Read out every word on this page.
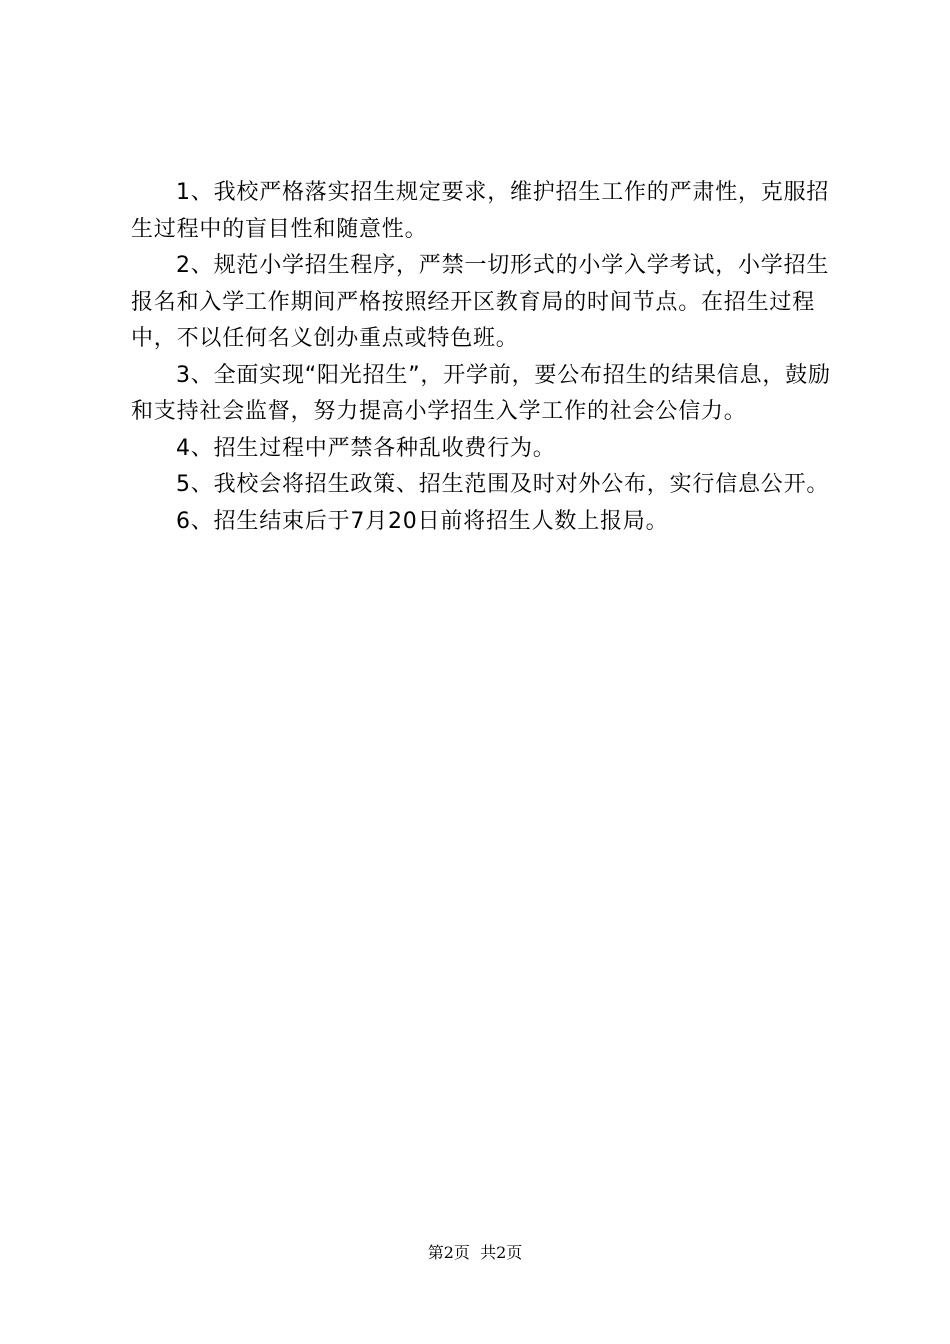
1、我校严格落实招生规定要求，维护招生工作的严肃性，克服招生过程中的盲目性和随意性。

2、规范小学招生程序，严禁一切形式的小学入学考试，小学招生报名和入学工作期间严格按照经开区教育局的时间节点。在招生过程中，不以任何名义创办重点或特色班。

3、全面实现“阳光招生”，开学前，要公布招生的结果信息，鼓励和支持社会监督，努力提高小学招生入学工作的社会公信力。

4、招生过程中严禁各种乱收费行为。

5、我校会将招生政策、招生范围及时对外公布，实行信息公开。

6、招生结束后于7月20日前将招生人数上报局。

第2页  共2页
